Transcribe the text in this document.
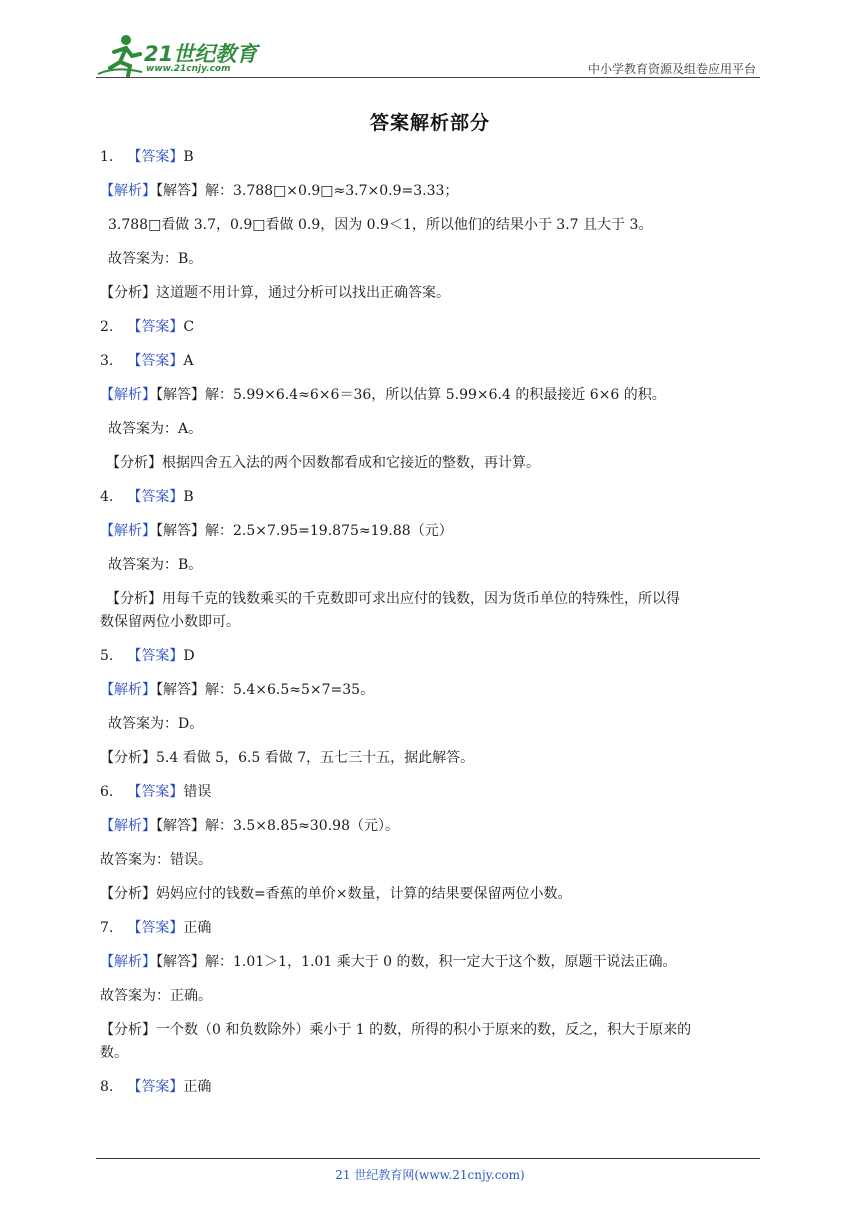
21世纪教育
www.21cnjy.com	中小学教育资源及组卷应用平台
答案解析部分
1. 【答案】B
【解析】【解答】解：3.788□×0.9□≈3.7×0.9=3.33；
3.788□看做 3.7，0.9□看做 0.9，因为 0.9＜1，所以他们的结果小于 3.7 且大于 3。
故答案为：B。
【分析】这道题不用计算，通过分析可以找出正确答案。
2. 【答案】C
3. 【答案】A
【解析】【解答】解：5.99×6.4≈6×6＝36，所以估算 5.99×6.4 的积最接近 6×6 的积。
故答案为：A。
【分析】根据四舍五入法的两个因数都看成和它接近的整数，再计算。
4. 【答案】B
【解析】【解答】解：2.5×7.95=19.875≈19.88（元）
故答案为：B。
【分析】用每千克的钱数乘买的千克数即可求出应付的钱数，因为货币单位的特殊性，所以得
数保留两位小数即可。
5. 【答案】D
【解析】【解答】解：5.4×6.5≈5×7=35。
故答案为：D。
【分析】5.4 看做 5，6.5 看做 7，五七三十五，据此解答。
6. 【答案】错误
【解析】【解答】解：3.5×8.85≈30.98（元）。
故答案为：错误。
【分析】妈妈应付的钱数=香蕉的单价×数量，计算的结果要保留两位小数。
7. 【答案】正确
【解析】【解答】解：1.01＞1，1.01 乘大于 0 的数，积一定大于这个数，原题干说法正确。
故答案为：正确。
【分析】一个数（0 和负数除外）乘小于 1 的数，所得的积小于原来的数，反之，积大于原来的
数。
8. 【答案】正确
21 世纪教育网(www.21cnjy.com)
